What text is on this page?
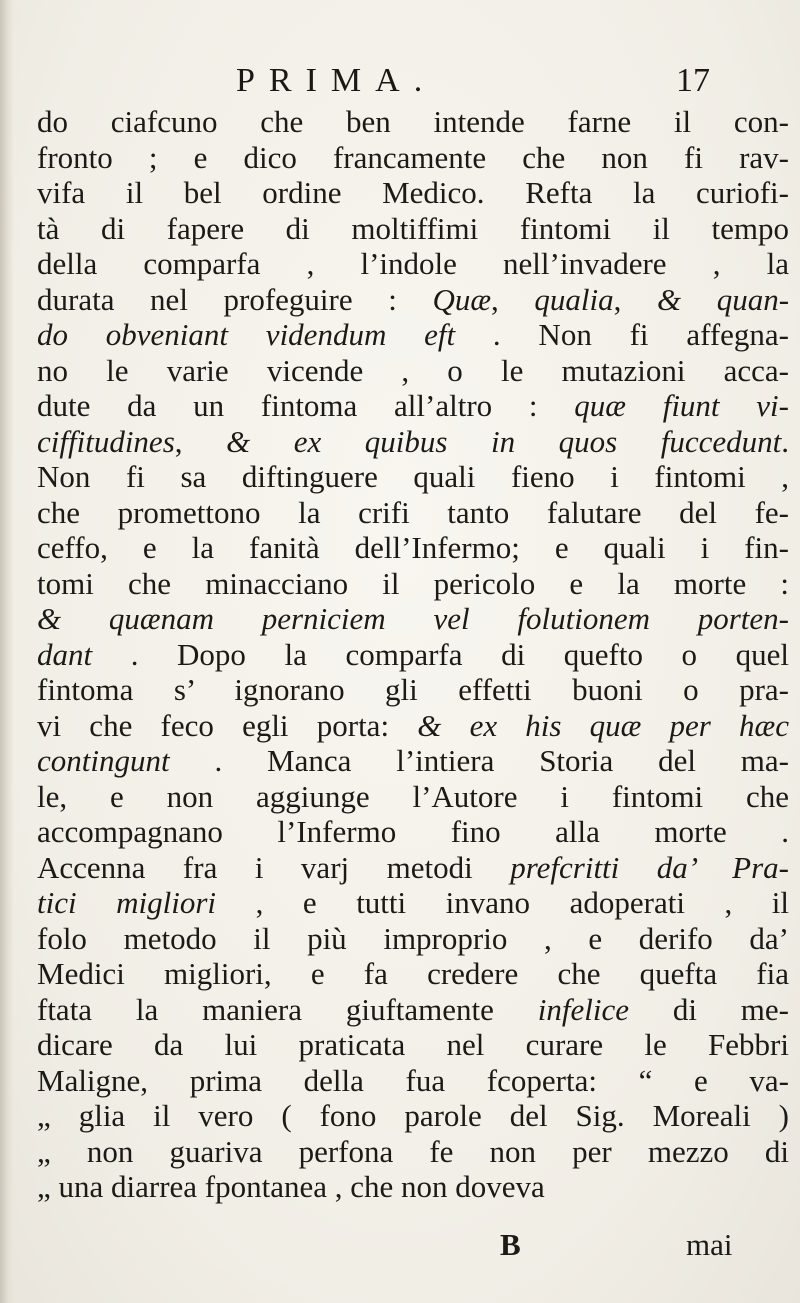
PRIMA.	17
do ciafcuno che ben intende farne il con-
fronto ; e dico francamente che non fi rav-
vifa il bel ordine Medico. Refta la curiofi-
tà di fapere di moltiffimi fintomi il tempo
della comparfa , l’indole nell’invadere , la
durata nel profeguire : Quæ, qualia, & quan-
do obveniant videndum eft . Non fi affegna-
no le varie vicende , o le mutazioni acca-
dute da un fintoma all’altro : quæ fiunt vi-
ciffitudines, & ex quibus in quos fuccedunt.
Non fi sa diftinguere quali fieno i fintomi ,
che promettono la crifi tanto falutare del fe-
ceffo, e la fanità dell’Infermo; e quali i fin-
tomi che minacciano il pericolo e la morte :
& quænam perniciem vel folutionem porten-
dant . Dopo la comparfa di quefto o quel
fintoma s’ ignorano gli effetti buoni o pra-
vi che feco egli porta: & ex his quæ per hæc
contingunt . Manca l’intiera Storia del ma-
le, e non aggiunge l’Autore i fintomi che
accompagnano l’Infermo fino alla morte .
Accenna fra i varj metodi prefcritti da’ Pra-
tici migliori , e tutti invano adoperati , il
folo metodo il più improprio , e derifo da’
Medici migliori, e fa credere che quefta fia
ftata la maniera giuftamente infelice di me-
dicare da lui praticata nel curare le Febbri
Maligne, prima della fua fcoperta: “ e va-
„ glia il vero ( fono parole del Sig. Moreali )
„ non guariva perfona fe non per mezzo di
„ una diarrea fpontanea , che non doveva
B	mai
